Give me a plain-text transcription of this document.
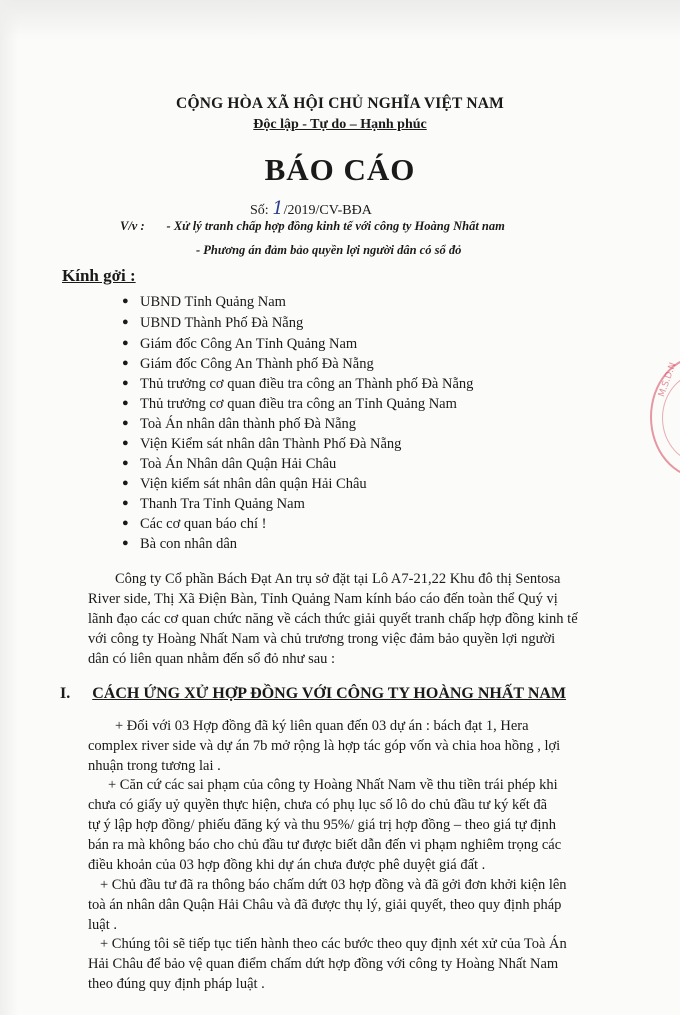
CỘNG HÒA XÃ HỘI CHỦ NGHĨA VIỆT NAM
Độc lập - Tự do – Hạnh phúc
BÁO CÁO
Số: 1/2019/CV-BĐA
V/v : - Xử lý tranh chấp hợp đồng kinh tế với công ty Hoàng Nhất nam
- Phương án đảm bảo quyền lợi người dân có sổ đỏ
Kính gởi :
● UBND Tỉnh Quảng Nam
● UBND Thành Phố Đà Nẵng
● Giám đốc Công An Tỉnh Quảng Nam
● Giám đốc Công An Thành phố Đà Nẵng
● Thủ trưởng cơ quan điều tra công an Thành phố Đà Nẵng
● Thủ trưởng cơ quan điều tra công an Tỉnh Quảng Nam
● Toà Án nhân dân thành phố Đà Nẵng
● Viện Kiểm sát nhân dân Thành Phố Đà Nẵng
● Toà Án Nhân dân Quận Hải Châu
● Viện kiểm sát nhân dân quận Hải Châu
● Thanh Tra Tỉnh Quảng Nam
● Các cơ quan báo chí !
● Bà con nhân dân
Công ty Cổ phần Bách Đạt An trụ sở đặt tại Lô A7-21,22 Khu đô thị Sentosa
River side, Thị Xã Điện Bàn, Tỉnh Quảng Nam kính báo cáo đến toàn thể Quý vị
lãnh đạo các cơ quan chức năng về cách thức giải quyết tranh chấp hợp đồng kinh tế
với công ty Hoàng Nhất Nam và chủ trương trong việc đảm bảo quyền lợi người
dân có liên quan nhằm đến sổ đỏ như sau :
I. CÁCH ỨNG XỬ HỢP ĐỒNG VỚI CÔNG TY HOÀNG NHẤT NAM
+ Đối với 03 Hợp đồng đã ký liên quan đến 03 dự án : bách đạt 1, Hera
complex river side và dự án 7b mở rộng là hợp tác góp vốn và chia hoa hồng , lợi
nhuận trong tương lai .
+ Căn cứ các sai phạm của công ty Hoàng Nhất Nam về thu tiền trái phép khi
chưa có giấy uỷ quyền thực hiện, chưa có phụ lục số lô do chủ đầu tư ký kết đã
tự ý lập hợp đồng/ phiếu đăng ký và thu 95%/ giá trị hợp đồng – theo giá tự định
bán ra mà không báo cho chủ đầu tư được biết dẫn đến vi phạm nghiêm trọng các
điều khoản của 03 hợp đồng khi dự án chưa được phê duyệt giá đất .
+ Chủ đầu tư đã ra thông báo chấm dứt 03 hợp đồng và đã gởi đơn khởi kiện lên
toà án nhân dân Quận Hải Châu và đã được thụ lý, giải quyết, theo quy định pháp
luật .
+ Chúng tôi sẽ tiếp tục tiến hành theo các bước theo quy định xét xử của Toà Án
Hải Châu để bảo vệ quan điểm chấm dứt hợp đồng với công ty Hoàng Nhất Nam
theo đúng quy định pháp luật .
M.S.D.N
